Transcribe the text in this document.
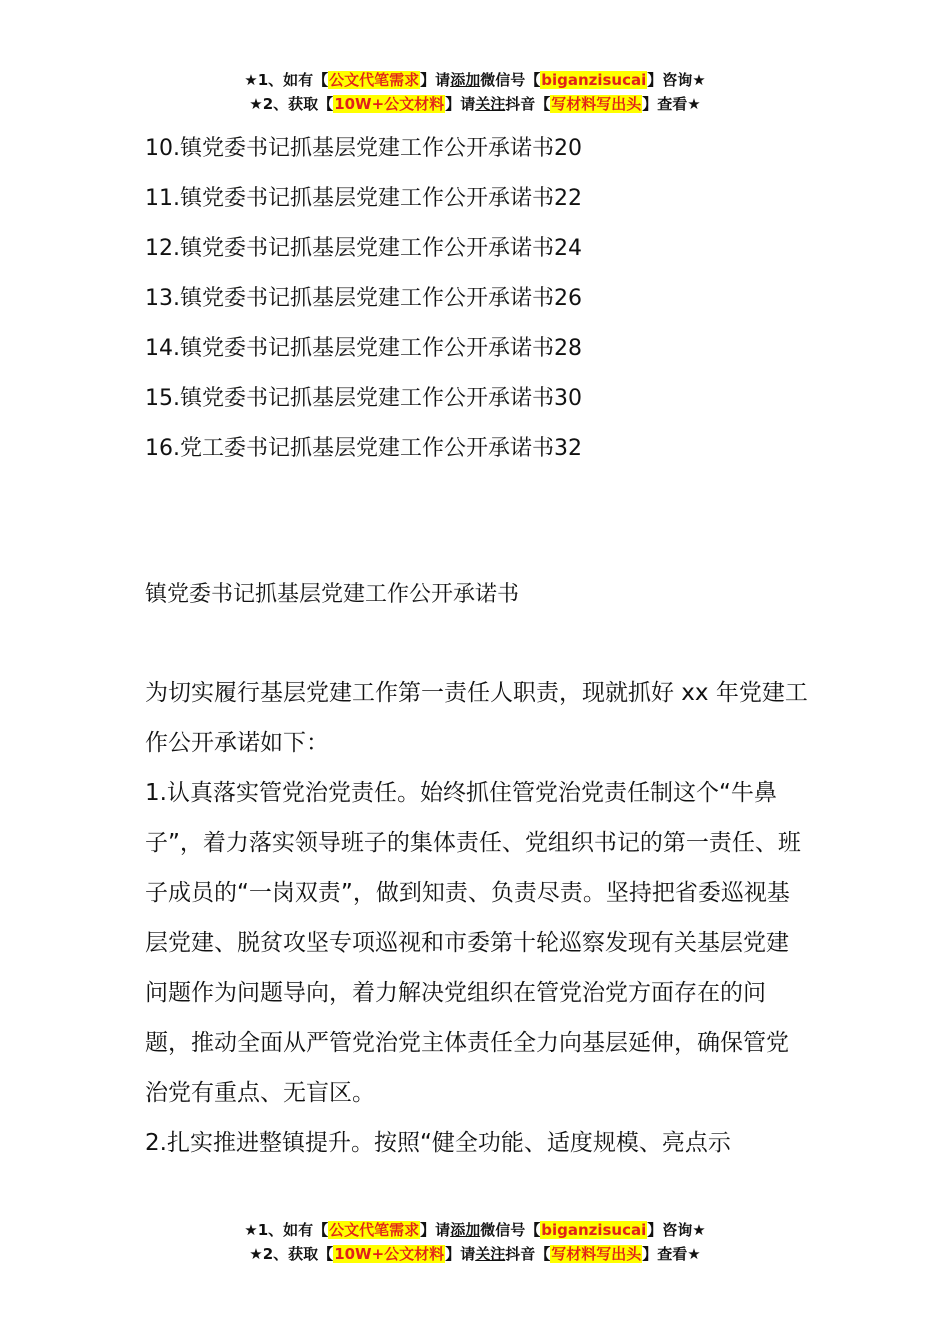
★1、如有【公文代笔需求】请添加微信号【biganzisucai】咨询★
★2、获取【10W+公文材料】请关注抖音【写材料写出头】查看★
10.镇党委书记抓基层党建工作公开承诺书20
11.镇党委书记抓基层党建工作公开承诺书22
12.镇党委书记抓基层党建工作公开承诺书24
13.镇党委书记抓基层党建工作公开承诺书26
14.镇党委书记抓基层党建工作公开承诺书28
15.镇党委书记抓基层党建工作公开承诺书30
16.党工委书记抓基层党建工作公开承诺书32
镇党委书记抓基层党建工作公开承诺书

为切实履行基层党建工作第一责任人职责，现就抓好 xx 年党建工作公开承诺如下：

1.认真落实管党治党责任。始终抓住管党治党责任制这个“牛鼻子”，着力落实领导班子的集体责任、党组织书记的第一责任、班子成员的“一岗双责”，做到知责、负责尽责。坚持把省委巡视基层党建、脱贫攻坚专项巡视和市委第十轮巡察发现有关基层党建问题作为问题导向，着力解决党组织在管党治党方面存在的问题，推动全面从严管党治党主体责任全力向基层延伸，确保管党治党有重点、无盲区。

2.扎实推进整镇提升。按照“健全功能、适度规模、亮点示

★1、如有【公文代笔需求】请添加微信号【biganzisucai】咨询★
★2、获取【10W+公文材料】请关注抖音【写材料写出头】查看★
